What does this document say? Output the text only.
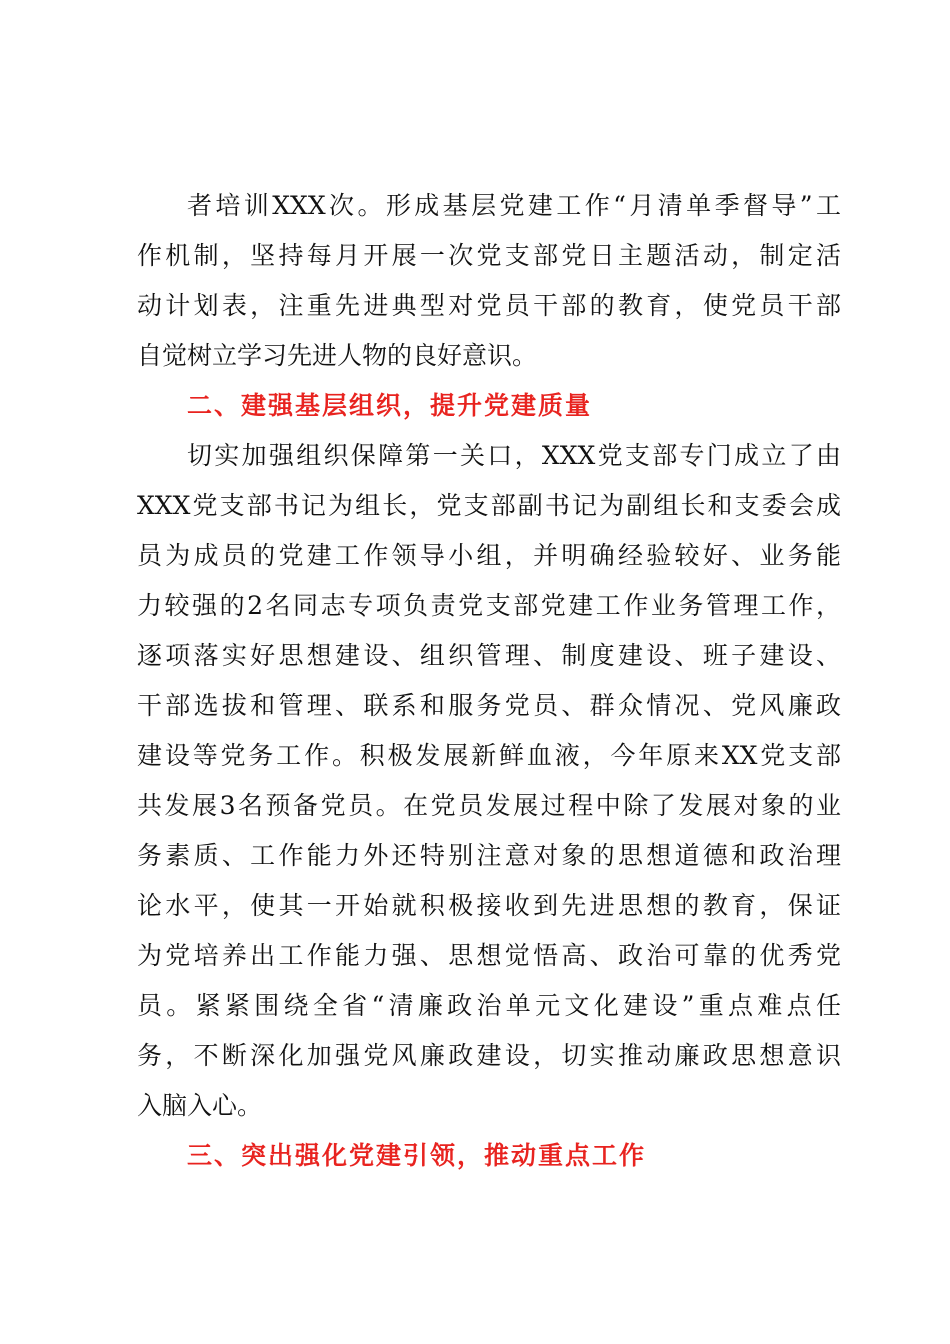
者培训XXX次。形成基层党建工作“月清单季督导”工
作机制，坚持每月开展一次党支部党日主题活动，制定活
动计划表，注重先进典型对党员干部的教育，使党员干部
自觉树立学习先进人物的良好意识。
二、建强基层组织，提升党建质量
切实加强组织保障第一关口，XXX党支部专门成立了由
XXX党支部书记为组长，党支部副书记为副组长和支委会成
员为成员的党建工作领导小组，并明确经验较好、业务能
力较强的2名同志专项负责党支部党建工作业务管理工作，
逐项落实好思想建设、组织管理、制度建设、班子建设、
干部选拔和管理、联系和服务党员、群众情况、党风廉政
建设等党务工作。积极发展新鲜血液，今年原来XX党支部
共发展3名预备党员。在党员发展过程中除了发展对象的业
务素质、工作能力外还特别注意对象的思想道德和政治理
论水平，使其一开始就积极接收到先进思想的教育，保证
为党培养出工作能力强、思想觉悟高、政治可靠的优秀党
员。紧紧围绕全省“清廉政治单元文化建设”重点难点任
务，不断深化加强党风廉政建设，切实推动廉政思想意识
入脑入心。
三、突出强化党建引领，推动重点工作
